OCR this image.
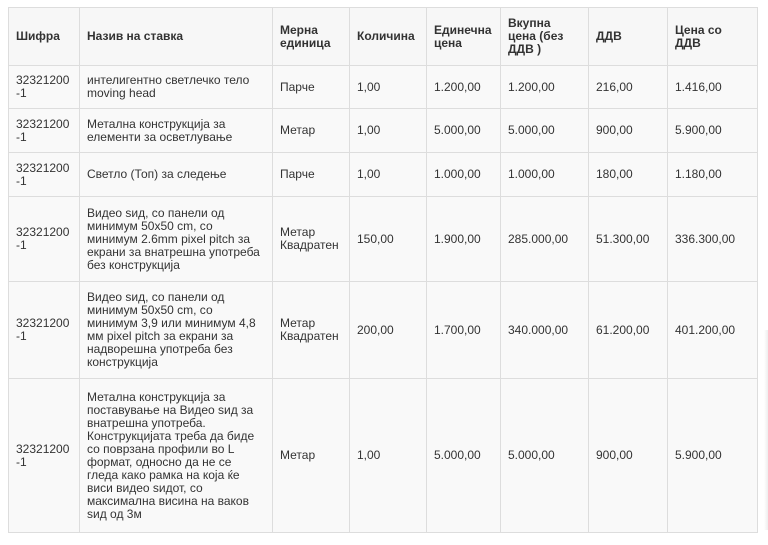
Шифра	Назив на ставка	Мерна единица	Количина	Единечна цена	Вкупна цена (без ДДВ )	ДДВ	Цена со ДДВ
32321200 -1	интелигентно светлечко тело moving head	Парче	1,00	1.200,00	1.200,00	216,00	1.416,00
32321200 -1	Метална конструкција за елементи за осветлување	Метар	1,00	5.000,00	5.000,00	900,00	5.900,00
32321200 -1	Светло (Топ) за следење	Парче	1,00	1.000,00	1.000,00	180,00	1.180,00
32321200 -1	Видео ѕид, со панели од минимум 50x50 cm, со минимум 2.6mm pixel pitch за екрани за внатрешна употреба без конструкција	Метар Квадратен	150,00	1.900,00	285.000,00	51.300,00	336.300,00
32321200 -1	Видео ѕид, со панели од минимум 50x50 cm, со минимум 3,9 или минимум 4,8 мм pixel pitch за екрани за надворешна употреба без конструкција	Метар Квадратен	200,00	1.700,00	340.000,00	61.200,00	401.200,00
32321200 -1	Метална конструкција за поставување на Видео ѕид за внатрешна употреба. Конструкцијата треба да биде со поврзана профили во L формат, односно да не се гледа како рамка на која ќе виси видео ѕидот, со максимална висина на ваков ѕид од 3м	Метар	1,00	5.000,00	5.000,00	900,00	5.900,00
